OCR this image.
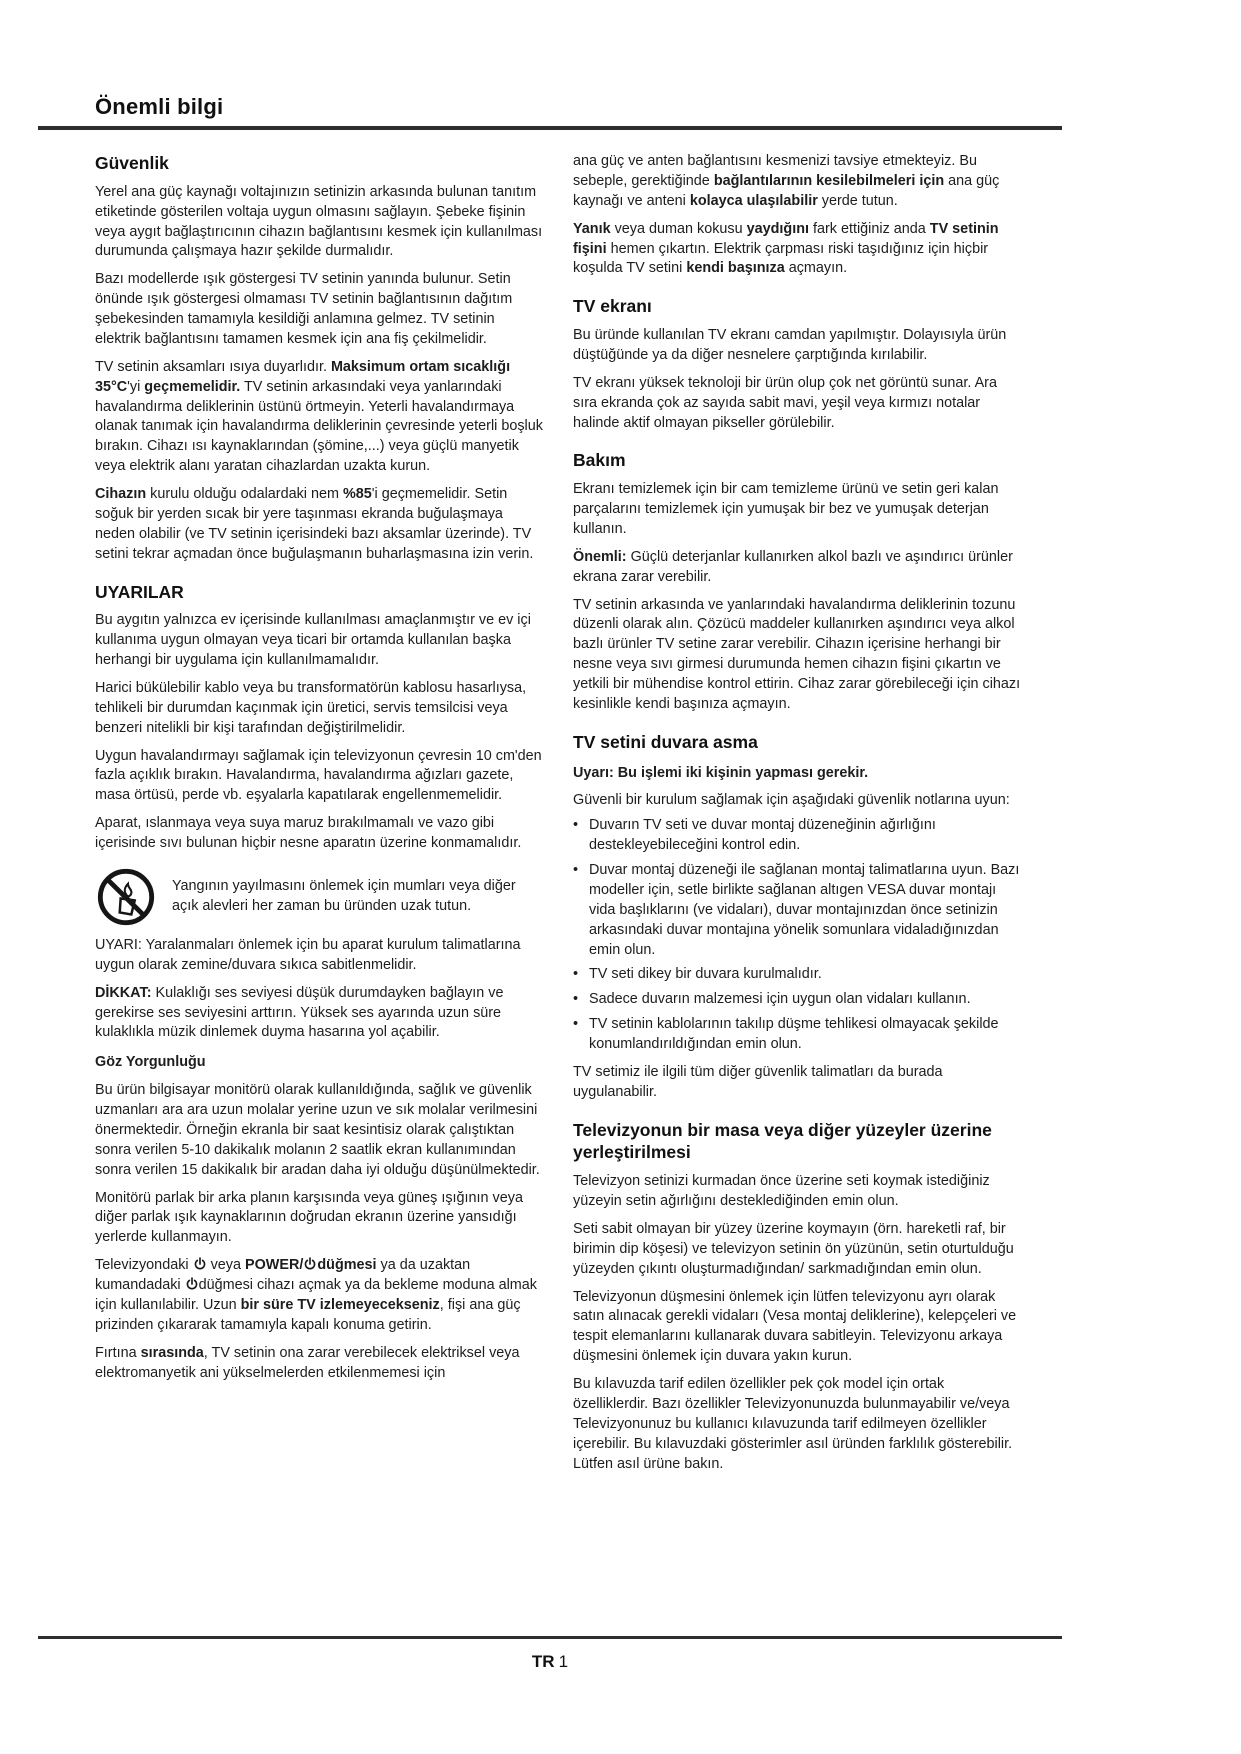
Önemli bilgi
Güvenlik

Yerel ana güç kaynağı voltajınızın setinizin arkasında bulunan tanıtım etiketinde gösterilen voltaja uygun olmasını sağlayın. Şebeke fişinin veya aygıt bağlaştırıcının cihazın bağlantısını kesmek için kullanılması durumunda çalışmaya hazır şekilde durmalıdır.

Bazı modellerde ışık göstergesi TV setinin yanında bulunur. Setin önünde ışık göstergesi olmaması TV setinin bağlantısının dağıtım şebekesinden tamamıyla kesildiği anlamına gelmez. TV setinin elektrik bağlantısını tamamen kesmek için ana fiş çekilmelidir.

TV setinin aksamları ısıya duyarlıdır. Maksimum ortam sıcaklığı 35°C'yi geçmemelidir. TV setinin arkasındaki veya yanlarındaki havalandırma deliklerinin üstünü örtmeyin. Yeterli havalandırmaya olanak tanımak için havalandırma deliklerinin çevresinde yeterli boşluk bırakın. Cihazı ısı kaynaklarından (şömine,...) veya güçlü manyetik veya elektrik alanı yaratan cihazlardan uzakta kurun.

Cihazın kurulu olduğu odalardaki nem %85'i geçmemelidir. Setin soğuk bir yerden sıcak bir yere taşınması ekranda buğulaşmaya neden olabilir (ve TV setinin içerisindeki bazı aksamlar üzerinde). TV setini tekrar açmadan önce buğulaşmanın buharlaşmasına izin verin.

UYARILAR

Bu aygıtın yalnızca ev içerisinde kullanılması amaçlanmıştır ve ev içi kullanıma uygun olmayan veya ticari bir ortamda kullanılan başka herhangi bir uygulama için kullanılmamalıdır.

Harici bükülebilir kablo veya bu transformatörün kablosu hasarlıysa, tehlikeli bir durumdan kaçınmak için üretici, servis temsilcisi veya benzeri nitelikli bir kişi tarafından değiştirilmelidir.

Uygun havalandırmayı sağlamak için televizyonun çevresin 10 cm'den fazla açıklık bırakın. Havalandırma, havalandırma ağızları gazete, masa örtüsü, perde vb. eşyalarla kapatılarak engellenmemelidir.

Aparat, ıslanmaya veya suya maruz bırakılmamalı ve vazo gibi içerisinde sıvı bulunan hiçbir nesne aparatın üzerine konmamalıdır.

Yangının yayılmasını önlemek için mumları veya diğer açık alevleri her zaman bu üründen uzak tutun.

UYARI: Yaralanmaları önlemek için bu aparat kurulum talimatlarına uygun olarak zemine/duvara sıkıca sabitlenmelidir.

DİKKAT: Kulaklığı ses seviyesi düşük durumdayken bağlayın ve gerekirse ses seviyesini arttırın. Yüksek ses ayarında uzun süre kulaklıkla müzik dinlemek duyma hasarına yol açabilir.

Göz Yorgunluğu

Bu ürün bilgisayar monitörü olarak kullanıldığında, sağlık ve güvenlik uzmanları ara ara uzun molalar yerine uzun ve sık molalar verilmesini önermektedir. Örneğin ekranla bir saat kesintisiz olarak çalıştıktan sonra verilen 5-10 dakikalık molanın 2 saatlik ekran kullanımından sonra verilen 15 dakikalık bir aradan daha iyi olduğu düşünülmektedir.

Monitörü parlak bir arka planın karşısında veya güneş ışığının veya diğer parlak ışık kaynaklarının doğrudan ekranın üzerine yansıdığı yerlerde kullanmayın.

Televizyondaki
veya POWER/ düğmesi ya da uzaktan kumandadaki
düğmesi cihazı açmak ya da bekleme moduna almak için kullanılabilir. Uzun bir süre TV izlemeyecekseniz, fişi ana güç prizinden çıkararak tamamıyla kapalı konuma getirin.

Fırtına sırasında, TV setinin ona zarar verebilecek elektriksel veya elektromanyetik ani yükselmelerden etkilenmemesi için

ana güç ve anten bağlantısını kesmenizi tavsiye etmekteyiz. Bu sebeple, gerektiğinde bağlantılarının kesilebilmeleri için ana güç kaynağı ve anteni kolayca ulaşılabilir yerde tutun.

Yanık veya duman kokusu yaydığını fark ettiğiniz anda TV setinin fişini hemen çıkartın. Elektrik çarpması riski taşıdığınız için hiçbir koşulda TV setini kendi başınıza açmayın.

TV ekranı

Bu üründe kullanılan TV ekranı camdan yapılmıştır. Dolayısıyla ürün düştüğünde ya da diğer nesnelere çarptığında kırılabilir.

TV ekranı yüksek teknoloji bir ürün olup çok net görüntü sunar. Ara sıra ekranda çok az sayıda sabit mavi, yeşil veya kırmızı notalar halinde aktif olmayan pikseller görülebilir.

Bakım

Ekranı temizlemek için bir cam temizleme ürünü ve setin geri kalan parçalarını temizlemek için yumuşak bir bez ve yumuşak deterjan kullanın.

Önemli: Güçlü deterjanlar kullanırken alkol bazlı ve aşındırıcı ürünler ekrana zarar verebilir.

TV setinin arkasında ve yanlarındaki havalandırma deliklerinin tozunu düzenli olarak alın. Çözücü maddeler kullanırken aşındırıcı veya alkol bazlı ürünler TV setine zarar verebilir. Cihazın içerisine herhangi bir nesne veya sıvı girmesi durumunda hemen cihazın fişini çıkartın ve yetkili bir mühendise kontrol ettirin. Cihaz zarar görebileceği için cihazı kesinlikle kendi başınıza açmayın.

TV setini duvara asma
Uyarı: Bu işlemi iki kişinin yapması gerekir.

Güvenli bir kurulum sağlamak için aşağıdaki güvenlik notlarına uyun:

• Duvarın TV seti ve duvar montaj düzeneğinin ağırlığını destekleyebileceğini kontrol edin.
• Duvar montaj düzeneği ile sağlanan montaj talimatlarına uyun. Bazı modeller için, setle birlikte sağlanan altıgen VESA duvar montajı vida başlıklarını (ve vidaları), duvar montajınızdan önce setinizin arkasındaki duvar montajına yönelik somunlara vidaladığınızdan emin olun.
• TV seti dikey bir duvara kurulmalıdır.
• Sadece duvarın malzemesi için uygun olan vidaları kullanın.
• TV setinin kablolarının takılıp düşme tehlikesi olmayacak şekilde konumlandırıldığından emin olun.

TV setimiz ile ilgili tüm diğer güvenlik talimatları da burada uygulanabilir.

Televizyonun bir masa veya diğer yüzeyler üzerine yerleştirilmesi

Televizyon setinizi kurmadan önce üzerine seti koymak istediğiniz yüzeyin setin ağırlığını desteklediğinden emin olun.

Seti sabit olmayan bir yüzey üzerine koymayın (örn. hareketli raf, bir birimin dip köşesi) ve televizyon setinin ön yüzünün, setin oturtulduğu yüzeyden çıkıntı oluşturmadığından/ sarkmadığından emin olun.

Televizyonun düşmesini önlemek için lütfen televizyonu ayrı olarak satın alınacak gerekli vidaları (Vesa montaj deliklerine), kelepçeleri ve tespit elemanlarını kullanarak duvara sabitleyin. Televizyonu arkaya düşmesini önlemek için duvara yakın kurun.

Bu kılavuzda tarif edilen özellikler pek çok model için ortak özelliklerdir. Bazı özellikler Televizyonunuzda bulunmayabilir ve/veya Televizyonunuz bu kullanıcı kılavuzunda tarif edilmeyen özellikler içerebilir. Bu kılavuzdaki gösterimler asıl üründen farklılık gösterebilir. Lütfen asıl ürüne bakın.

TR 1
